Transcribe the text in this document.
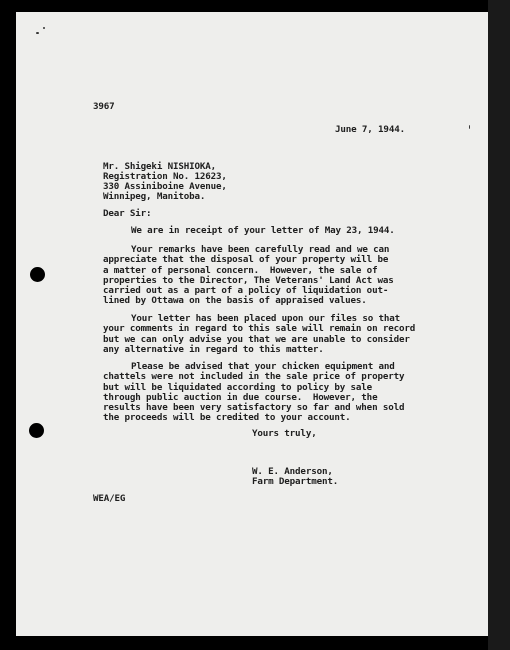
3967
June 7, 1944.
Mr. Shigeki NISHIOKA,
Registration No. 12623,
330 Assiniboine Avenue,
Winnipeg, Manitoba.
Dear Sir:
We are in receipt of your letter of May 23, 1944.
Your remarks have been carefully read and we can
appreciate that the disposal of your property will be
a matter of personal concern.  However, the sale of
properties to the Director, The Veterans' Land Act was
carried out as a part of a policy of liquidation out-
lined by Ottawa on the basis of appraised values.
Your letter has been placed upon our files so that
your comments in regard to this sale will remain on record
but we can only advise you that we are unable to consider
any alternative in regard to this matter.
Please be advised that your chicken equipment and
chattels were not included in the sale price of property
but will be liquidated according to policy by sale
through public auction in due course.  However, the
results have been very satisfactory so far and when sold
the proceeds will be credited to your account.
Yours truly,
W. E. Anderson,
Farm Department.
WEA/EG
